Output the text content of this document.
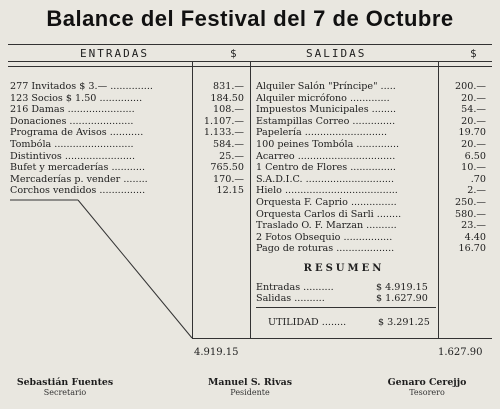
Balance del Festival del 7 de Octubre
ENTRADAS	$	SALIDAS	$
277 Invitados $ 3.— ..............	831.—
123 Socios $ 1.50 ..............	184.50
216 Damas ......................	108.—
Donaciones .....................	1.107.—
Programa de Avisos ...........	1.133.—
Tombóla ..........................	584.—
Distintivos .......................	25.—
Bufet y mercaderías ...........	765.50
Mercaderías p. vender ........	170.—
Corchos vendidos ...............	12.15
Alquiler Salón "Príncipe" .....	200.—
Alquiler micrófono .............	20.—
Impuestos Municipales ........	54.—
Estampillas Correo ..............	20.—
Papelería ...........................	19.70
100 peines Tombóla ..............	20.—
Acarreo ................................	6.50
1 Centro de Flores ...............	10.—
S.A.D.I.C. .............................	.70
Hielo .....................................	2.—
Orquesta F. Caprio ...............	250.—
Orquesta Carlos di Sarli ........	580.—
Traslado O. F. Marzan ..........	23.—
2 Fotos Obsequio ................	4.40
Pago de roturas ...................	16.70
RESUMEN
Entradas ..........	$ 4.919.15
Salidas ..........	$ 1.627.90
UTILIDAD ........	$ 3.291.25
4.919.15	1.627.90
Sebastián Fuentes
Secretario
Manuel S. Rivas
Pesidente
Genaro Cerejjo
Tesorero
